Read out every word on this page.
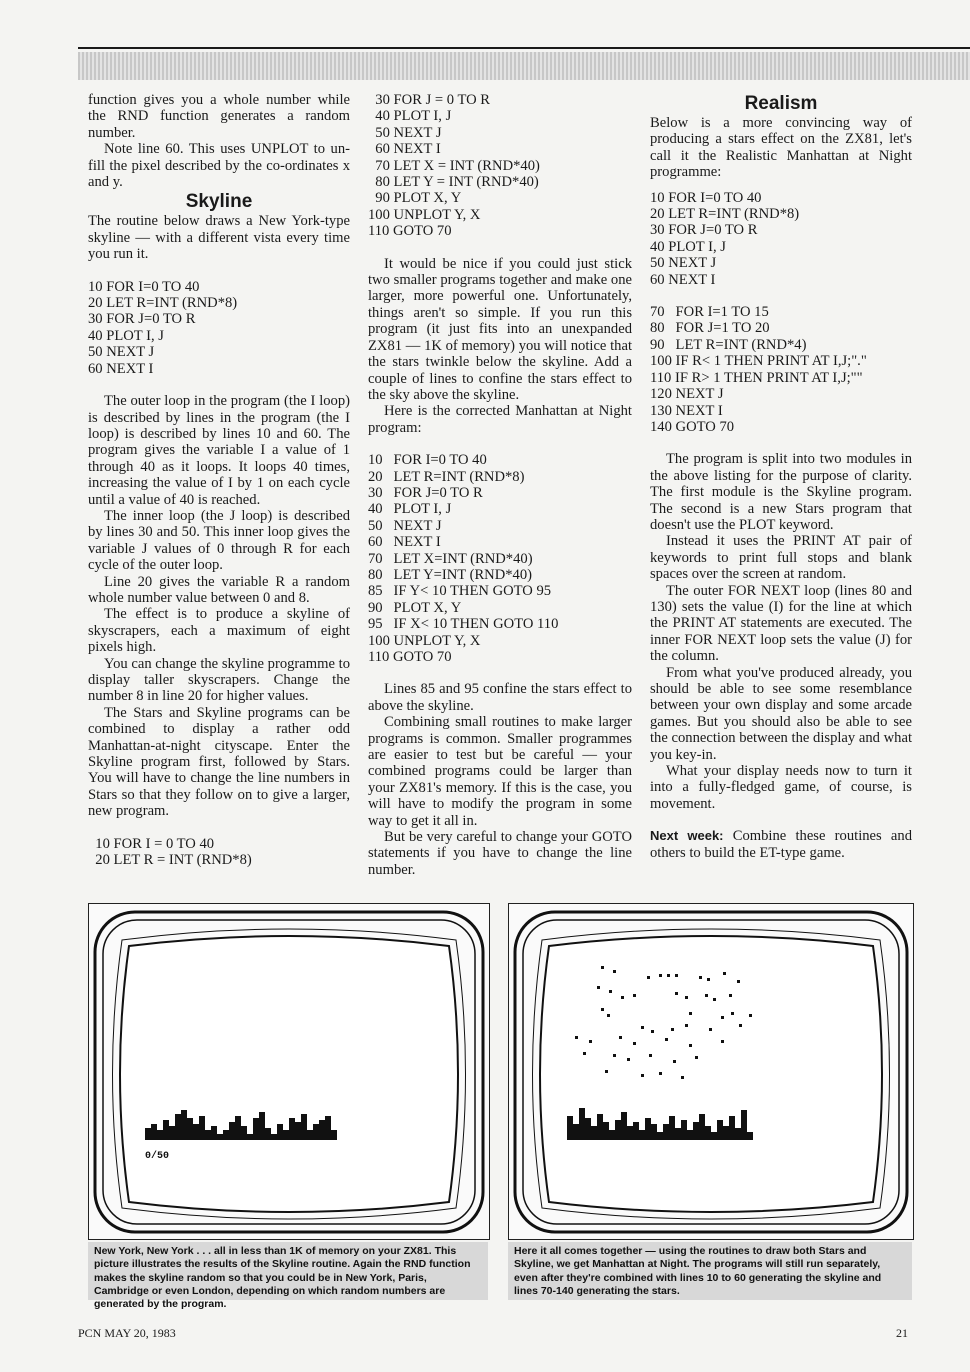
function gives you a whole number while the RND function generates a random number.

Note line 60. This uses UNPLOT to un-fill the pixel described by the co-ordinates x and y.

Skyline

The routine below draws a New York-type skyline — with a different vista every time you run it.

10 FOR I=0 TO 40
20 LET R=INT (RND*8)
30 FOR J=0 TO R
40 PLOT I, J
50 NEXT J
60 NEXT I

The outer loop in the program (the I loop) is described by lines in the program (the I loop) is described by lines 10 and 60. The program gives the variable I a value of 1 through 40 as it loops. It loops 40 times, increasing the value of I by 1 on each cycle until a value of 40 is reached.

The inner loop (the J loop) is described by lines 30 and 50. This inner loop gives the variable J values of 0 through R for each cycle of the outer loop.

Line 20 gives the variable R a random whole number value between 0 and 8.

The effect is to produce a skyline of skyscrapers, each a maximum of eight pixels high.

You can change the skyline programme to display taller skyscrapers. Change the number 8 in line 20 for higher values.

The Stars and Skyline programs can be combined to display a rather odd Manhattan-at-night cityscape. Enter the Skyline program first, followed by Stars. You will have to change the line numbers in Stars so that they follow on to give a larger, new program.

10 FOR I = 0 TO 40
20 LET R = INT (RND*8)
30 FOR J = 0 TO R
40 PLOT I, J
50 NEXT J
60 NEXT I
70 LET X = INT (RND*40)
80 LET Y = INT (RND*40)
90 PLOT X, Y
100 UNPLOT Y, X
110 GOTO 70

It would be nice if you could just stick two smaller programs together and make one larger, more powerful one. Unfortunately, things aren't so simple. If you run this program (it just fits into an unexpanded ZX81 — 1K of memory) you will notice that the stars twinkle below the skyline. Add a couple of lines to confine the stars effect to the sky above the skyline.

Here is the corrected Manhattan at Night program:

10   FOR I=0 TO 40
20   LET R=INT (RND*8)
30   FOR J=0 TO R
40   PLOT I, J
50   NEXT J
60   NEXT I
70   LET X=INT (RND*40)
80   LET Y=INT (RND*40)
85   IF Y< 10 THEN GOTO 95
90   PLOT X, Y
95   IF X< 10 THEN GOTO 110
100 UNPLOT Y, X
110 GOTO 70

Lines 85 and 95 confine the stars effect to above the skyline.

Combining small routines to make larger programs is common. Smaller programmes are easier to test but be careful — your combined programs could be larger than your ZX81's memory. If this is the case, you will have to modify the program in some way to get it all in.

But be very careful to change your GOTO statements if you have to change the line number.

Realism

Below is a more convincing way of producing a stars effect on the ZX81, let's call it the Realistic Manhattan at Night programme:

10 FOR I=0 TO 40
20 LET R=INT (RND*8)
30 FOR J=0 TO R
40 PLOT I, J
50 NEXT J
60 NEXT I
70   FOR I=1 TO 15
80   FOR J=1 TO 20
90   LET R=INT (RND*4)
100 IF R< 1 THEN PRINT AT I,J;"."
110 IF R> 1 THEN PRINT AT I,J;""
120 NEXT J
130 NEXT I
140 GOTO 70

The program is split into two modules in the above listing for the purpose of clarity. The first module is the Skyline program. The second is a new Stars program that doesn't use the PLOT keyword.

Instead it uses the PRINT AT pair of keywords to print full stops and blank spaces over the screen at random.

The outer FOR NEXT loop (lines 80 and 130) sets the value (I) for the line at which the PRINT AT statements are executed. The inner FOR NEXT loop sets the value (J) for the column.

From what you've produced already, you should be able to see some resemblance between your own display and some arcade games. But you should also be able to see the connection between the display and what you key-in.

What your display needs now to turn it into a fully-fledged game, of course, is movement.

Next week: Combine these routines and others to build the ET-type game.

0/50
New York, New York . . . all in less than 1K of memory on your ZX81. This picture illustrates the results of the Skyline routine. Again the RND function makes the skyline random so that you could be in New York, Paris, Cambridge or even London, depending on which random numbers are generated by the program.
Here it all comes together — using the routines to draw both Stars and Skyline, we get Manhattan at Night. The programs will still run separately, even after they're combined with lines 10 to 60 generating the skyline and lines 70-140 generating the stars.
PCN MAY 20, 1983	21
